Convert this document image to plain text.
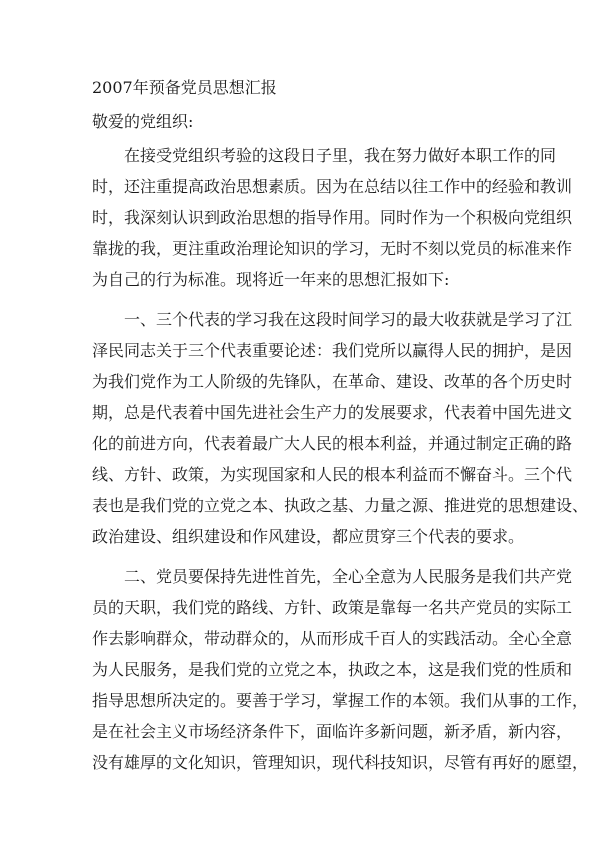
2007年预备党员思想汇报
敬爱的党组织:
在接受党组织考验的这段日子里，我在努力做好本职工作的同
时，还注重提高政治思想素质。因为在总结以往工作中的经验和教训
时，我深刻认识到政治思想的指导作用。同时作为一个积极向党组织
靠拢的我，更注重政治理论知识的学习，无时不刻以党员的标准来作
为自己的行为标准。现将近一年来的思想汇报如下:
一、三个代表的学习我在这段时间学习的最大收获就是学习了江
泽民同志关于三个代表重要论述：我们党所以赢得人民的拥护，是因
为我们党作为工人阶级的先锋队，在革命、建设、改革的各个历史时
期，总是代表着中国先进社会生产力的发展要求，代表着中国先进文
化的前进方向，代表着最广大人民的根本利益，并通过制定正确的路
线、方针、政策，为实现国家和人民的根本利益而不懈奋斗。三个代
表也是我们党的立党之本、执政之基、力量之源、推进党的思想建设、
政治建设、组织建设和作风建设，都应贯穿三个代表的要求。
二、党员要保持先进性首先，全心全意为人民服务是我们共产党
员的天职，我们党的路线、方针、政策是靠每一名共产党员的实际工
作去影响群众，带动群众的，从而形成千百人的实践活动。全心全意
为人民服务，是我们党的立党之本，执政之本，这是我们党的性质和
指导思想所决定的。要善于学习，掌握工作的本领。我们从事的工作，
是在社会主义市场经济条件下，面临许多新问题，新矛盾，新内容，
没有雄厚的文化知识，管理知识，现代科技知识，尽管有再好的愿望，
